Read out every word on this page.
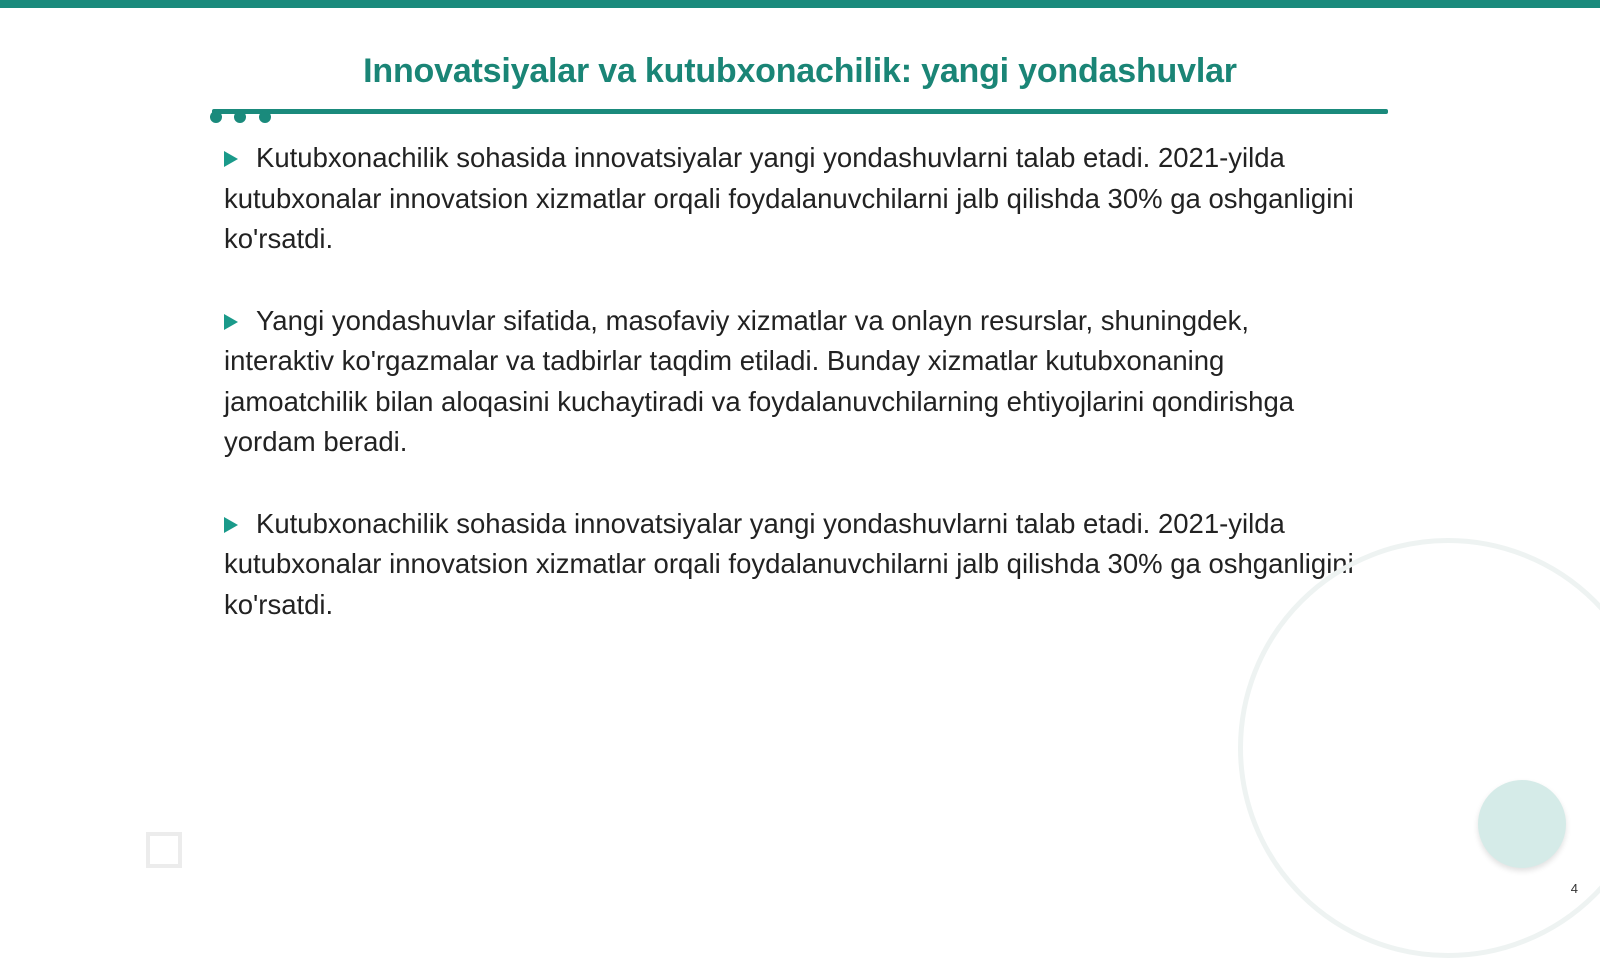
Innovatsiyalar va kutubxonachilik: yangi yondashuvlar

Kutubxonachilik sohasida innovatsiyalar yangi yondashuvlarni talab etadi. 2021-yilda kutubxonalar innovatsion xizmatlar orqali foydalanuvchilarni jalb qilishda 30% ga oshganligini ko'rsatdi.

Yangi yondashuvlar sifatida, masofaviy xizmatlar va onlayn resurslar, shuningdek, interaktiv ko'rgazmalar va tadbirlar taqdim etiladi. Bunday xizmatlar kutubxonaning jamoatchilik bilan aloqasini kuchaytiradi va foydalanuvchilarning ehtiyojlarini qondirishga yordam beradi.

Kutubxonachilik sohasida innovatsiyalar yangi yondashuvlarni talab etadi. 2021-yilda kutubxonalar innovatsion xizmatlar orqali foydalanuvchilarni jalb qilishda 30% ga oshganligini ko'rsatdi.

4
